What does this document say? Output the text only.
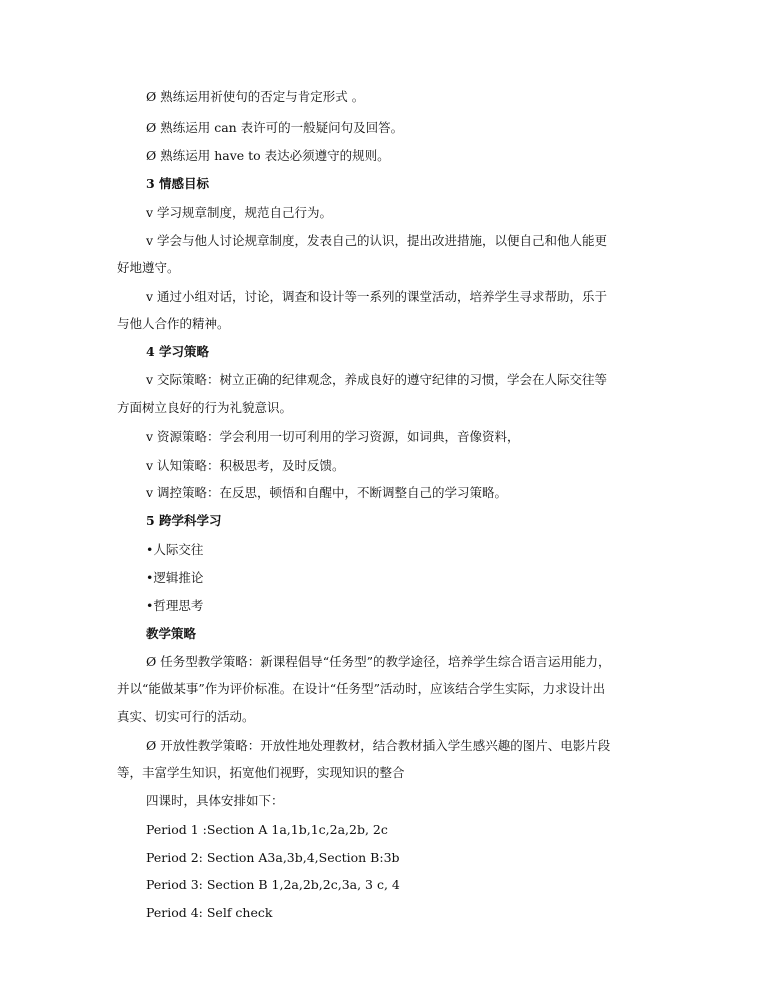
Ø 熟练运用祈使句的否定与肯定形式 。

Ø 熟练运用 can 表许可的一般疑问句及回答。

Ø 熟练运用 have to 表达必须遵守的规则。

3 情感目标

v 学习规章制度，规范自己行为。

v 学会与他人讨论规章制度，发表自己的认识，提出改进措施，以便自己和他人能更

好地遵守。

v 通过小组对话，讨论，调查和设计等一系列的课堂活动，培养学生寻求帮助，乐于

与他人合作的精神。

4 学习策略

v 交际策略：树立正确的纪律观念，养成良好的遵守纪律的习惯，学会在人际交往等

方面树立良好的行为礼貌意识。

v 资源策略：学会利用一切可利用的学习资源，如词典，音像资料，

v 认知策略：积极思考，及时反馈。

v 调控策略：在反思，顿悟和自醒中，不断调整自己的学习策略。

5 跨学科学习

•人际交往

•逻辑推论

•哲理思考

教学策略

Ø 任务型教学策略：新课程倡导“任务型”的教学途径，培养学生综合语言运用能力，

并以“能做某事”作为评价标准。在设计“任务型”活动时，应该结合学生实际，力求设计出

真实、切实可行的活动。

Ø 开放性教学策略：开放性地处理教材，结合教材插入学生感兴趣的图片、电影片段

等，丰富学生知识，拓宽他们视野，实现知识的整合

四课时，具体安排如下：

Period 1 :Section A 1a,1b,1c,2a,2b, 2c

Period 2: Section A3a,3b,4,Section B:3b

Period 3: Section B 1,2a,2b,2c,3a, 3 c, 4

Period 4: Self check
